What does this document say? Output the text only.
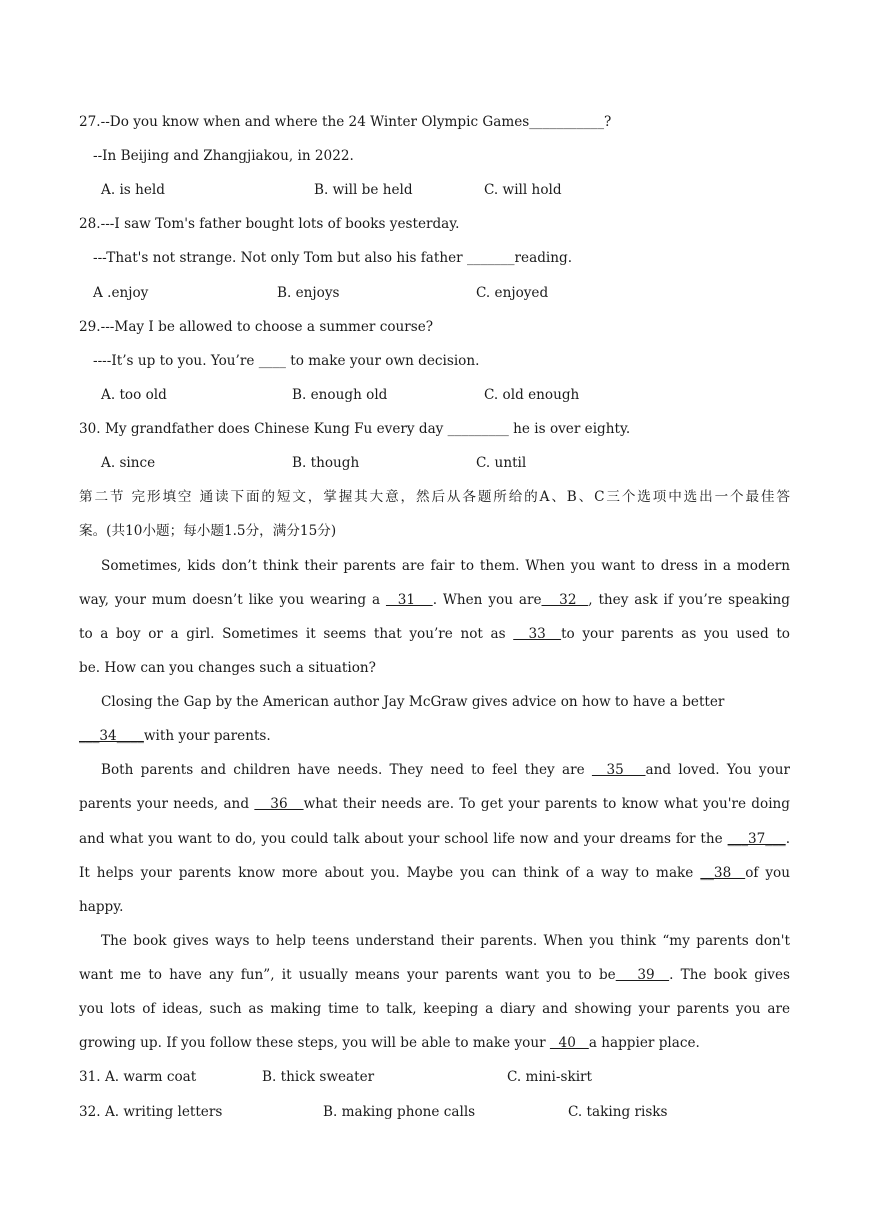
27.--Do you know when and where the 24 Winter Olympic Games___________?
--In Beijing and Zhangjiakou, in 2022.
A. is held	B. will be held	C. will hold
28.---I saw Tom's father bought lots of books yesterday.
---That's not strange. Not only Tom but also his father _______reading.
A .enjoy	B. enjoys	C. enjoyed
29.---May I be allowed to choose a summer course?
----It’s up to you. You’re ____ to make your own decision.
A. too old	B. enough old	C. old enough
30. My grandfather does Chinese Kung Fu every day _________ he is over eighty.
A. since	B. though	C. until
第二节 完形填空 通读下面的短文，掌握其大意，然后从各题所给的A、B、C三个选项中选出一个最佳答
案。(共10小题；每小题1.5分，满分15分)
Sometimes, kids don’t think their parents are fair to them. When you want to dress in a modern
way, your mum doesn’t like you wearing a   31   . When you are   32  , they ask if you’re speaking
to a boy or a girl. Sometimes it seems that you’re not as   33  to your parents as you used to
be. How can you changes such a situation?
Closing the Gap by the American author Jay McGraw gives advice on how to have a better
___34____with your parents.
Both parents and children have needs. They need to feel they are   35   and loved. You your
parents your needs, and    36   what their needs are. To get your parents to know what you're doing
and what you want to do, you could talk about your school life now and your dreams for the ___37___.
It helps your parents know more about you. Maybe you can think of a way to make __38  of you
happy.
The book gives ways to help teens understand their parents. When you think “my parents don't
want me to have any fun”, it usually means your parents want you to be   39  . The book gives
you lots of ideas, such as making time to talk, keeping a diary and showing your parents you are
growing up. If you follow these steps, you will be able to make your   40   a happier place.
31. A. warm coat	B. thick sweater	C. mini-skirt
32. A. writing letters	B. making phone calls	C. taking risks
